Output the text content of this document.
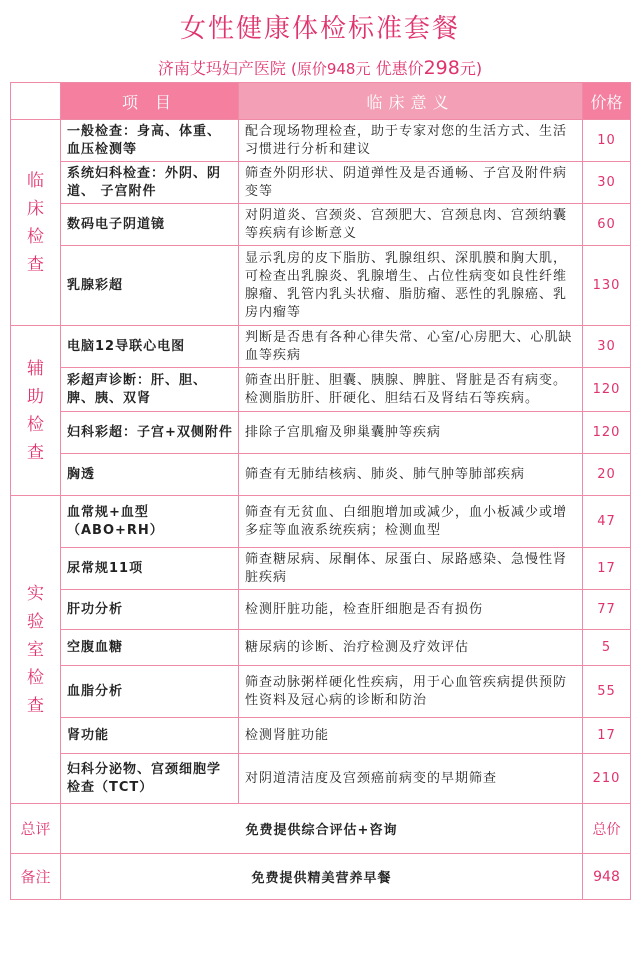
女性健康体检标准套餐
济南艾玛妇产医院 (原价948元 优惠价298元)
	项 目	临床意义	价格

临
床
检
查	一般检查：身高、体重、血压检测等	配合现场物理检查，助于专家对您的生活方式、生活习惯进行分析和建议	10
	系统妇科检查：外阴、阴道、 子宫附件	筛查外阴形状、阴道弹性及是否通畅、子宫及附件病变等	30
	数码电子阴道镜	对阴道炎、宫颈炎、宫颈肥大、宫颈息肉、宫颈纳囊等疾病有诊断意义	60
	乳腺彩超	显示乳房的皮下脂肪、乳腺组织、深肌膜和胸大肌，可检查出乳腺炎、乳腺增生、占位性病变如良性纤维腺瘤、乳管内乳头状瘤、脂肪瘤、恶性的乳腺癌、乳房内瘤等	130

辅
助
检
查	电脑12导联心电图	判断是否患有各种心律失常、心室/心房肥大、心肌缺血等疾病	30
	彩超声诊断：肝、胆、脾、胰、双肾	筛查出肝脏、胆囊、胰腺、脾脏、肾脏是否有病变。检测脂肪肝、肝硬化、胆结石及肾结石等疾病。	120
	妇科彩超：子宫+双侧附件	排除子宫肌瘤及卵巢囊肿等疾病	120
	胸透	筛查有无肺结核病、肺炎、肺气肿等肺部疾病	20

实
验
室
检
查	血常规+血型（ABO+RH）	筛查有无贫血、白细胞增加或减少，血小板减少或增多症等血液系统疾病；检测血型	47
	尿常规11项	筛查糖尿病、尿酮体、尿蛋白、尿路感染、急慢性肾脏疾病	17
	肝功分析	检测肝脏功能，检查肝细胞是否有损伤	77
	空腹血糖	糖尿病的诊断、治疗检测及疗效评估	5
	血脂分析	筛查动脉粥样硬化性疾病，用于心血管疾病提供预防性资料及冠心病的诊断和防治	55
	肾功能	检测肾脏功能	17
	妇科分泌物、宫颈细胞学检查（TCT）	对阴道清洁度及宫颈癌前病变的早期筛查	210
总评	免费提供综合评估+咨询		总价
备注	免费提供精美营养早餐		948
